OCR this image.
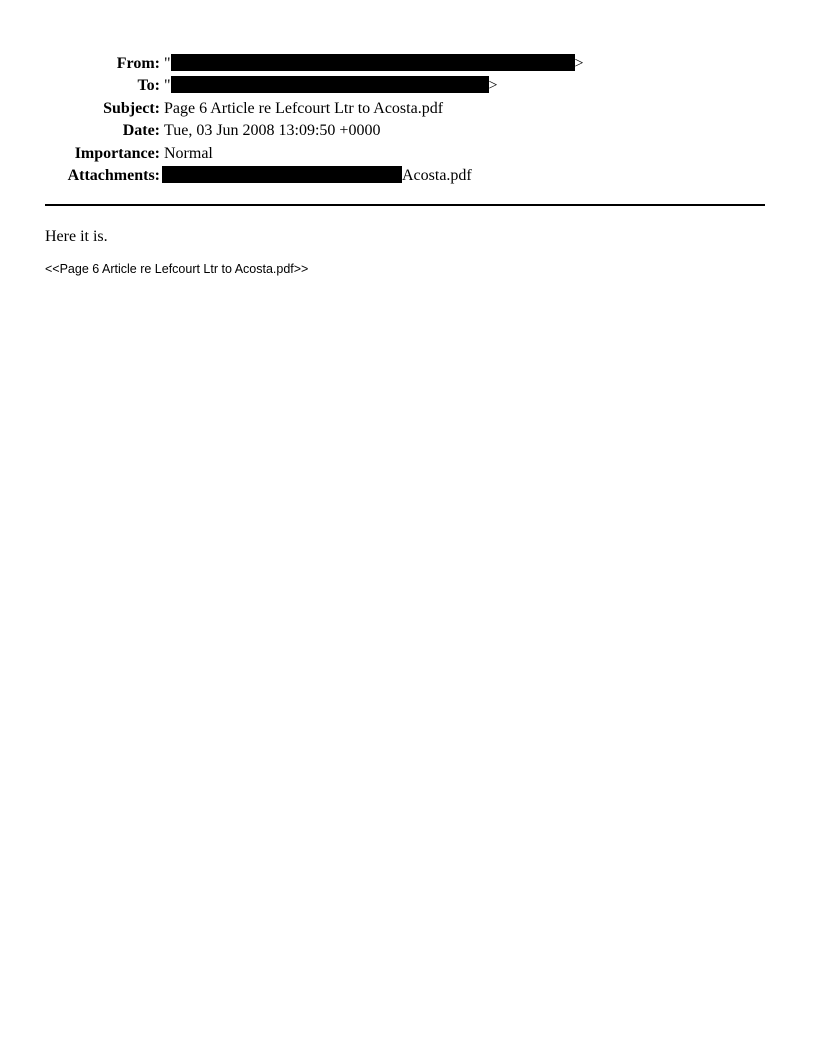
From: "	>
To: "	>
Subject: Page 6 Article re Lefcourt Ltr to Acosta.pdf
Date: Tue, 03 Jun 2008 13:09:50 +0000
Importance: Normal
Attachments:	Acosta.pdf
Here it is.
<<Page 6 Article re Lefcourt Ltr to Acosta.pdf>>
